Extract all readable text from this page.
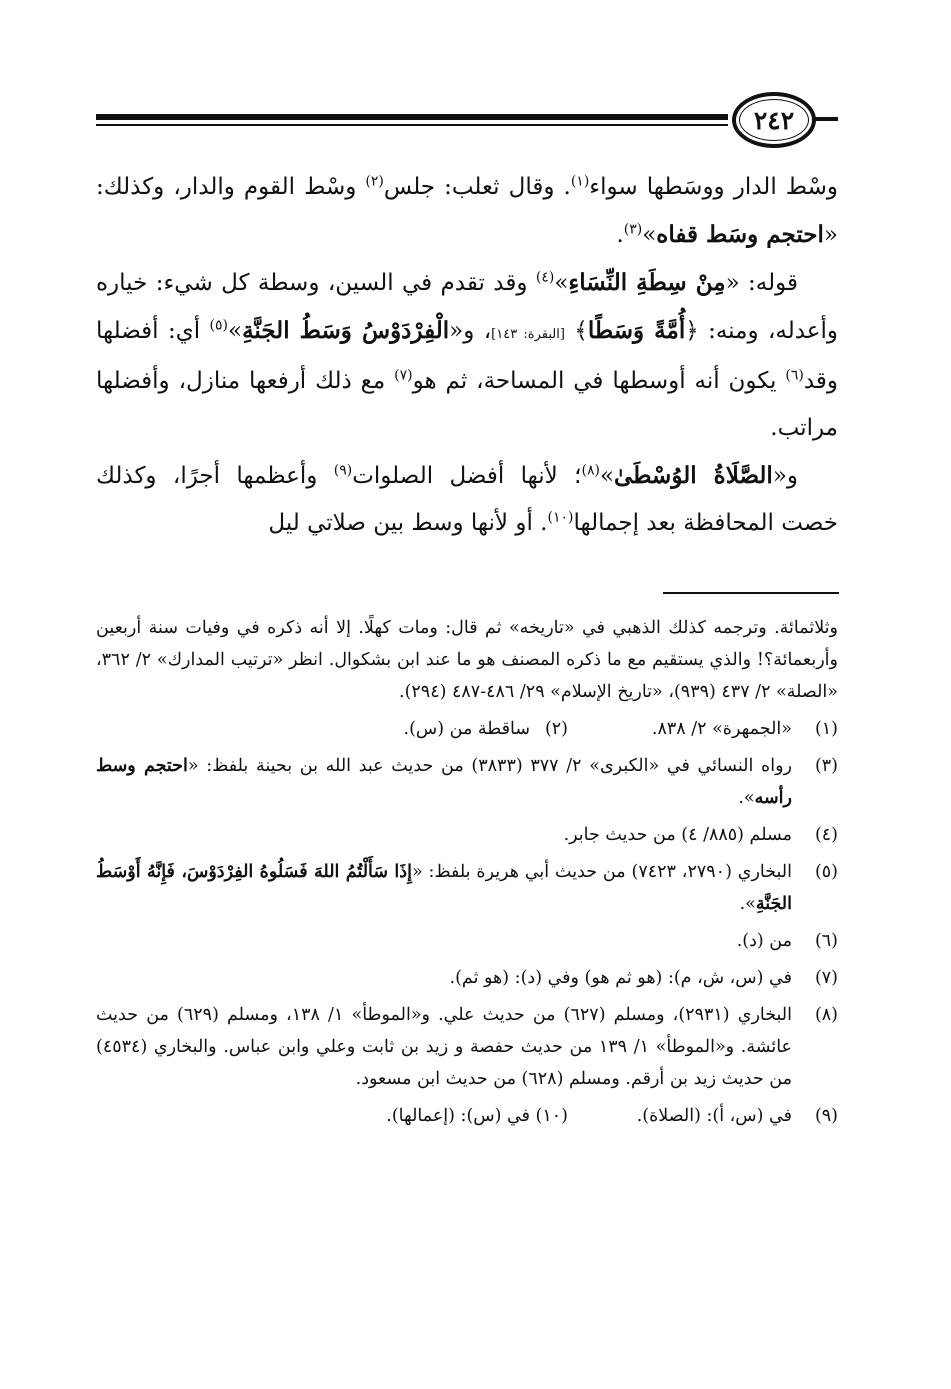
٢٤٢

وسْط الدار ووسَطها سواء$^{(١)}$. وقال ثعلب: جلس$^{(٢)}$ وسْط القوم والدار، وكذلك: «احتجم وسَط قفاه»$^{(٣)}$.

قوله: «مِنْ سِطَةِ النِّسَاءِ»$^{(٤)}$ وقد تقدم في السين، وسطة كل شيء: خياره وأعدله، ومنه: ﴿أُمَّةً وَسَطًا﴾ [البقرة: ١٤٣]، و«الْفِرْدَوْسُ وَسَطُ الجَنَّةِ»$^{(٥)}$ أي: أفضلها وقد$^{(٦)}$ يكون أنه أوسطها في المساحة، ثم هو$^{(٧)}$ مع ذلك أرفعها منازل، وأفضلها مراتب.

و«الصَّلَاةُ الوُسْطَىٰ»$^{(٨)}$؛ لأنها أفضل الصلوات$^{(٩)}$ وأعظمها أجرًا، وكذلك خصت المحافظة بعد إجمالها$^{(١٠)}$. أو لأنها وسط بين صلاتي ليل

وثلاثمائة. وترجمه كذلك الذهبي في «تاريخه» ثم قال: ومات كهلًا. إلا أنه ذكره في وفيات سنة أربعين وأربعمائة؟! والذي يستقيم مع ما ذكره المصنف هو ما عند ابن بشكوال. انظر «ترتيب المدارك» ٢/ ٣٦٢، «الصلة» ٢/ ٤٣٧ (٩٣٩)، «تاريخ الإسلام» ٢٩/ ٤٨٦-٤٨٧ (٢٩٤).
(١)
«الجمهرة» ٢/ ٨٣٨.
(٢)
ساقطة من (س).
(٣)
رواه النسائي في «الكبرى» ٢/ ٣٧٧ (٣٨٣٣) من حديث عبد الله بن بحينة بلفظ: «احتجم وسط رأسه».
(٤)
مسلم (٨٨٥/ ٤) من حديث جابر.
(٥)
البخاري (٢٧٩٠، ٧٤٢٣) من حديث أبي هريرة بلفظ: «إِذَا سَأَلْتُمُ اللهَ فَسَلُوهُ الفِرْدَوْسَ، فَإِنَّهُ أَوْسَطُ الجَنَّةِ».
(٦)
من (د).
(٧)
في (س، ش، م): (هو ثم هو) وفي (د): (هو ثم).
(٨)
البخاري (٢٩٣١)، ومسلم (٦٢٧) من حديث علي. و«الموطأ» ١/ ١٣٨، ومسلم (٦٢٩) من حديث عائشة. و«الموطأ» ١/ ١٣٩ من حديث حفصة و زيد بن ثابت وعلي وابن عباس. والبخاري (٤٥٣٤) من حديث زيد بن أرقم. ومسلم (٦٢٨) من حديث ابن مسعود.
(٩)
في (س، أ): (الصلاة).
(١٠)
في (س): (إعمالها).
